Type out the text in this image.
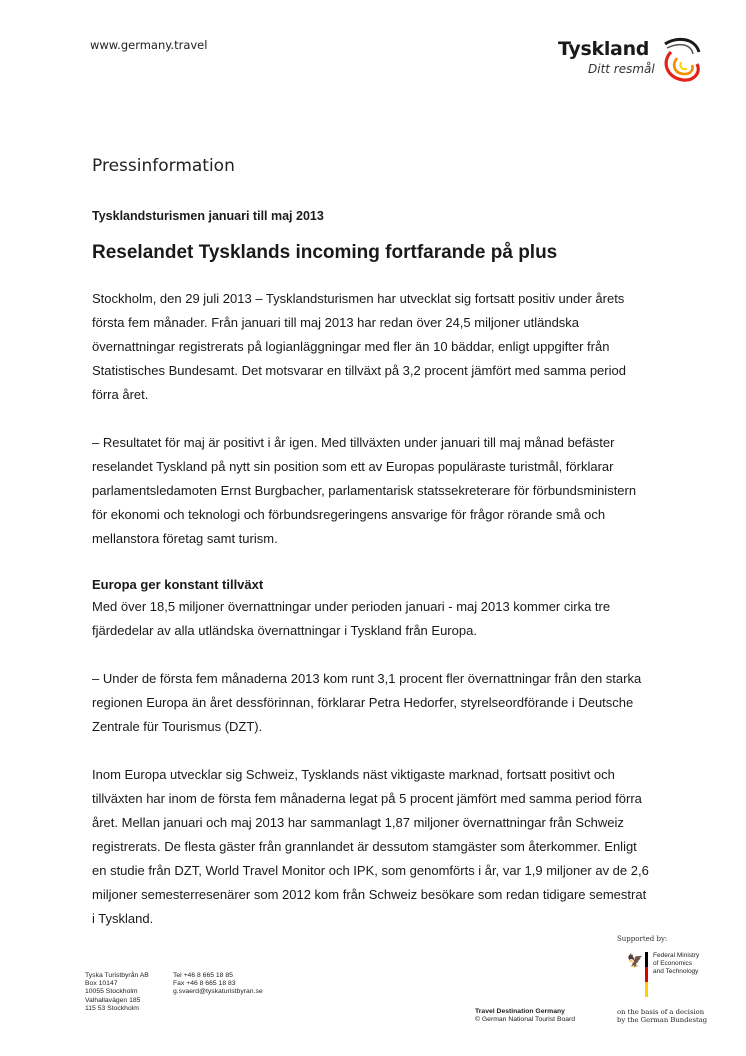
www.germany.travel	Tyskland
Ditt resmål
Pressinformation
Tysklandsturismen januari till maj 2013
Reselandet Tysklands incoming fortfarande på plus

Stockholm, den 29 juli 2013 – Tysklandsturismen har utvecklat sig fortsatt positiv under årets första fem månader. Från januari till maj 2013 har redan över 24,5 miljoner utländska övernattningar registrerats på logianläggningar med fler än 10 bäddar, enligt uppgifter från Statistisches Bundesamt. Det motsvarar en tillväxt på 3,2 procent jämfört med samma period förra året.

– Resultatet för maj är positivt i år igen. Med tillväxten under januari till maj månad befäster reselandet Tyskland på nytt sin position som ett av Europas populäraste turistmål, förklarar parlamentsledamoten Ernst Burgbacher, parlamentarisk statssekreterare för förbundsministern för ekonomi och teknologi och förbundsregeringens ansvarige för frågor rörande små och mellanstora företag samt turism.

Europa ger konstant tillväxt

Med över 18,5 miljoner övernattningar under perioden januari - maj 2013 kommer cirka tre fjärdedelar av alla utländska övernattningar i Tyskland från Europa.

– Under de första fem månaderna 2013 kom runt 3,1 procent fler övernattningar från den starka regionen Europa än året dessförinnan, förklarar Petra Hedorfer, styrelseordförande i Deutsche Zentrale für Tourismus (DZT).

Inom Europa utvecklar sig Schweiz, Tysklands näst viktigaste marknad, fortsatt positivt och tillväxten har inom de första fem månaderna legat på 5 procent jämfört med samma period förra året. Mellan januari och maj 2013 har sammanlagt 1,87 miljoner övernattningar från Schweiz registrerats. De flesta gäster från grannlandet är dessutom stamgäster som återkommer. Enligt en studie från DZT, World Travel Monitor och IPK, som genomförts i år, var 1,9 miljoner av de 2,6 miljoner semesterresenärer som 2012 kom från Schweiz besökare som redan tidigare semestrat i Tyskland.

Supported by:
🦅 Federal Ministry
of Economics
and Technology
Tyska Turistbyrån AB
Box 10147
10055 Stockholm
Valhallavägen 185
115 53 Stockholm
Tel +46 8 665 18 85
Fax +46 8 665 18 83
g.svaerd@tyskaturistbyran.se
Travel Destination Germany
© German National Tourist Board
on the basis of a decision
by the German Bundestag
